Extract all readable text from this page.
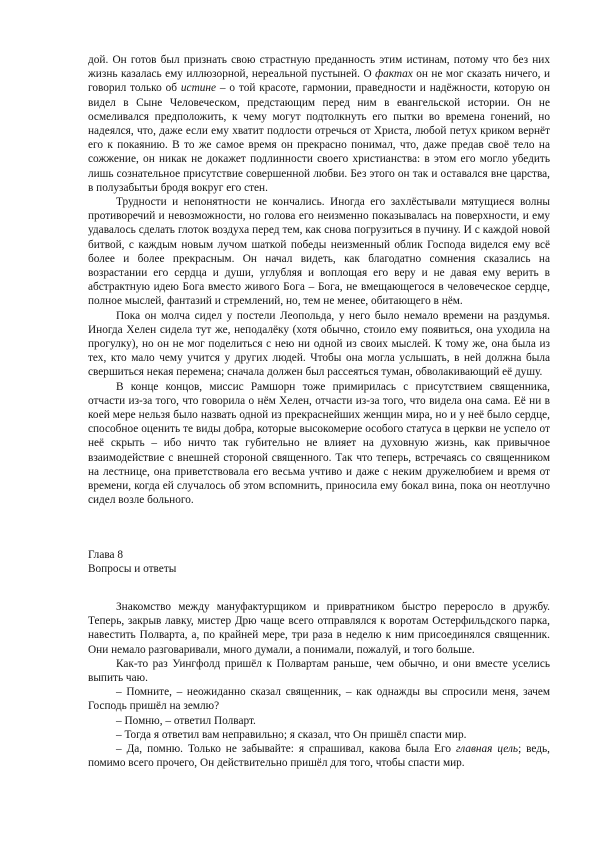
дой. Он готов был признать свою страстную преданность этим истинам, потому что без них жизнь казалась ему иллюзорной, нереальной пустыней. О фактах он не мог сказать ничего, и говорил только об истине – о той красоте, гармонии, праведности и надёжности, которую он видел в Сыне Человеческом, предстающим перед ним в евангельской истории. Он не осмеливался предположить, к чему могут подтолкнуть его пытки во времена гонений, но надеялся, что, даже если ему хватит подлости отречься от Христа, любой петух криком вернёт его к покаянию. В то же самое время он прекрасно понимал, что, даже предав своё тело на сожжение, он никак не докажет подлинности своего христианства: в этом его могло убедить лишь сознательное присутствие совершенной любви. Без этого он так и оставался вне царства, в полузабытьи бродя вокруг его стен.

Трудности и непонятности не кончались. Иногда его захлёстывали мятущиеся волны противоречий и невозможности, но голова его неизменно показывалась на поверхности, и ему удавалось сделать глоток воздуха перед тем, как снова погрузиться в пучину. И с каждой новой битвой, с каждым новым лучом шаткой победы неизменный облик Господа виделся ему всё более и более прекрасным. Он начал видеть, как благодатно сомнения сказались на возрастании его сердца и души, углубляя и воплощая его веру и не давая ему верить в абстрактную идею Бога вместо живого Бога – Бога, не вмещающегося в человеческое сердце, полное мыслей, фантазий и стремлений, но, тем не менее, обитающего в нём.

Пока он молча сидел у постели Леопольда, у него было немало времени на раздумья. Иногда Хелен сидела тут же, неподалёку (хотя обычно, стоило ему появиться, она уходила на прогулку), но он не мог поделиться с нею ни одной из своих мыслей. К тому же, она была из тех, кто мало чему учится у других людей. Чтобы она могла услышать, в ней должна была свершиться некая перемена; сначала должен был рассеяться туман, обволакивающий её душу.

В конце концов, миссис Рамшорн тоже примирилась с присутствием священника, отчасти из-за того, что говорила о нём Хелен, отчасти из-за того, что видела она сама. Её ни в коей мере нельзя было назвать одной из прекраснейших женщин мира, но и у неё было сердце, способное оценить те виды добра, которые высокомерие особого статуса в церкви не успело от неё скрыть – ибо ничто так губительно не влияет на духовную жизнь, как привычное взаимодействие с внешней стороной священного. Так что теперь, встречаясь со священником на лестнице, она приветствовала его весьма учтиво и даже с неким дружелюбием и время от времени, когда ей случалось об этом вспомнить, приносила ему бокал вина, пока он неотлучно сидел возле больного.

Глава 8

Вопросы и ответы

Знакомство между мануфактурщиком и привратником быстро переросло в дружбу. Теперь, закрыв лавку, мистер Дрю чаще всего отправлялся к воротам Остерфильдского парка, навестить Полварта, а, по крайней мере, три раза в неделю к ним присоединялся священник. Они немало разговаривали, много думали, а понимали, пожалуй, и того больше.

Как-то раз Уингфолд пришёл к Полвартам раньше, чем обычно, и они вместе уселись выпить чаю.

– Помните, – неожиданно сказал священник, – как однажды вы спросили меня, зачем Господь пришёл на землю?

– Помню, – ответил Полварт.

– Тогда я ответил вам неправильно; я сказал, что Он пришёл спасти мир.

– Да, помню. Только не забывайте: я спрашивал, какова была Его главная цель; ведь, помимо всего прочего, Он действительно пришёл для того, чтобы спасти мир.
